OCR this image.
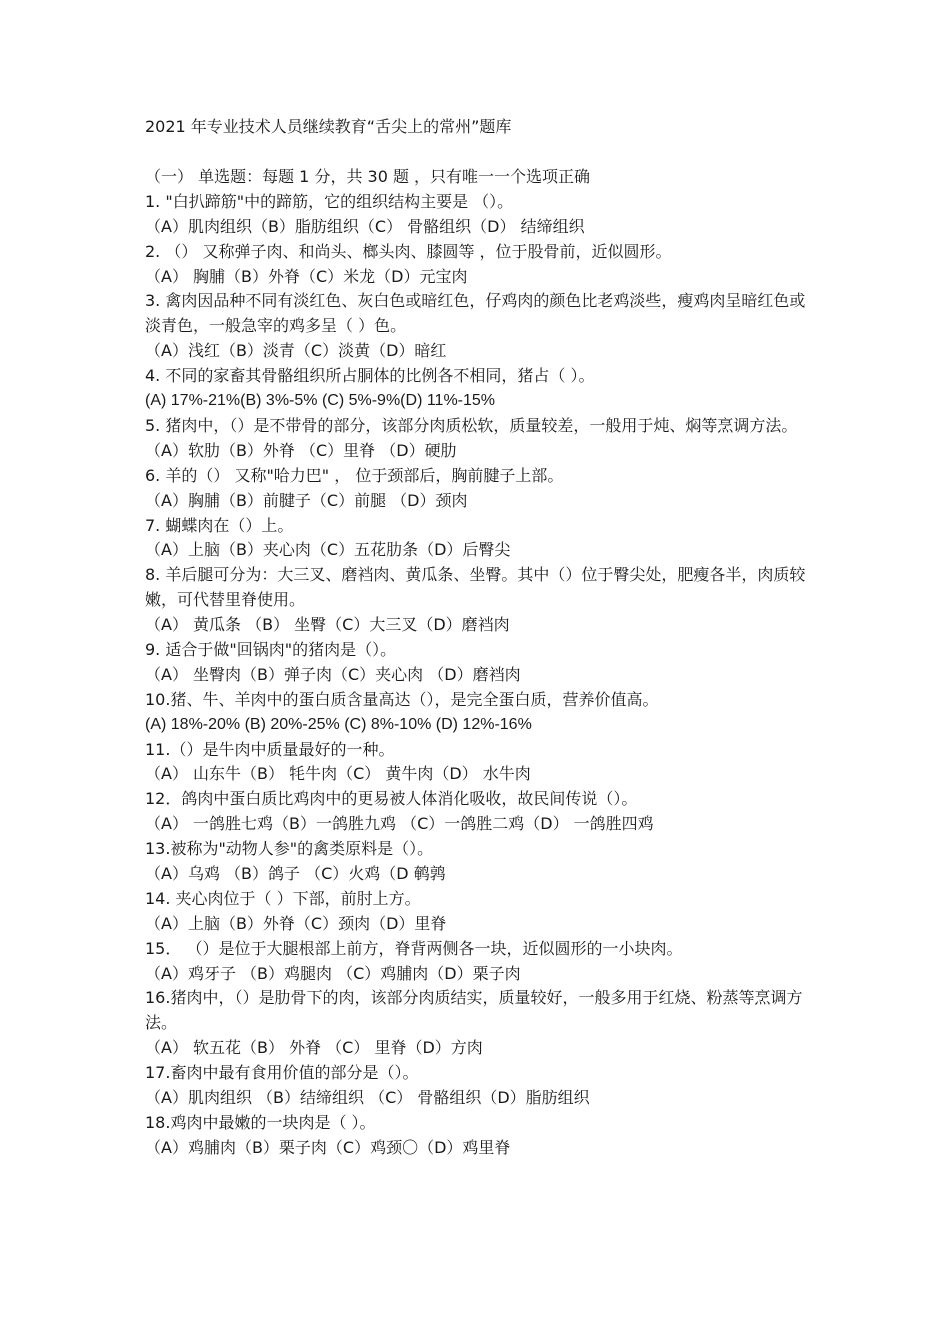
2021 年专业技术人员继续教育“舌尖上的常州”题库
（一） 单选题：每题 1 分，共 30 题 ，只有唯一一个选项正确
1. "白扒蹄筋"中的蹄筋，它的组织结构主要是 （）。
（A）肌肉组织（B）脂肪组织（C） 骨骼组织（D） 结缔组织
2. （） 又称弹子肉、和尚头、榔头肉、膝圆等 ，位于股骨前，近似圆形。
（A） 胸脯（B）外脊（C）米龙（D）元宝肉
3. 禽肉因品种不同有淡红色、灰白色或暗红色，仔鸡肉的颜色比老鸡淡些，瘦鸡肉呈暗红色或淡青色，一般急宰的鸡多呈（ ）色。
（A）浅红（B）淡青（C）淡黄（D）暗红
4. 不同的家畜其骨骼组织所占胴体的比例各不相同，猪占（ ）。
(A) 17%-21%(B) 3%-5% (C) 5%-9%(D) 11%-15%
5. 猪肉中，（）是不带骨的部分，该部分肉质松软，质量较差，一般用于炖、焖等烹调方法。
（A）软肋（B）外脊 （C）里脊 （D）硬肋
6. 羊的（） 又称"哈力巴" ， 位于颈部后，胸前腱子上部。
（A）胸脯（B）前腱子（C）前腿 （D）颈肉
7. 蝴蝶肉在（）上。
（A）上脑（B）夹心肉（C）五花肋条（D）后臀尖
8. 羊后腿可分为：大三叉、磨裆肉、黄瓜条、坐臀。其中（）位于臀尖处，肥瘦各半，肉质较嫩，可代替里脊使用。
（A） 黄瓜条 （B） 坐臀（C）大三叉（D）磨裆肉
9. 适合于做"回锅肉"的猪肉是（）。
（A） 坐臀肉（B）弹子肉（C）夹心肉 （D）磨裆肉
10.猪、牛、羊肉中的蛋白质含量高达（），是完全蛋白质，营养价值高。
(A) 18%-20% (B) 20%-25% (C) 8%-10% (D) 12%-16%
11.（）是牛肉中质量最好的一种。
（A） 山东牛（B） 牦牛肉（C） 黄牛肉（D） 水牛肉
12．鸽肉中蛋白质比鸡肉中的更易被人体消化吸收，故民间传说（）。
（A） 一鸽胜七鸡（B）一鸽胜九鸡 （C）一鸽胜二鸡（D） 一鸽胜四鸡
13.被称为"动物人参"的禽类原料是（）。
（A）乌鸡 （B）鸽子 （C）火鸡（D 鹌鹑
14. 夹心肉位于（ ）下部，前肘上方。
（A）上脑（B）外脊（C）颈肉（D）里脊
15． （）是位于大腿根部上前方，脊背两侧各一块，近似圆形的一小块肉。
（A）鸡牙子 （B）鸡腿肉 （C）鸡脯肉（D）栗子肉
16.猪肉中，（）是肋骨下的肉，该部分肉质结实，质量较好，一般多用于红烧、粉蒸等烹调方法。
（A） 软五花（B） 外脊 （C） 里脊（D）方肉
17.畜肉中最有食用价值的部分是（）。
（A）肌肉组织 （B）结缔组织 （C） 骨骼组织（D）脂肪组织
18.鸡肉中最嫩的一块肉是（ ）。
（A）鸡脯肉（B）栗子肉（C）鸡颈〇（D）鸡里脊
